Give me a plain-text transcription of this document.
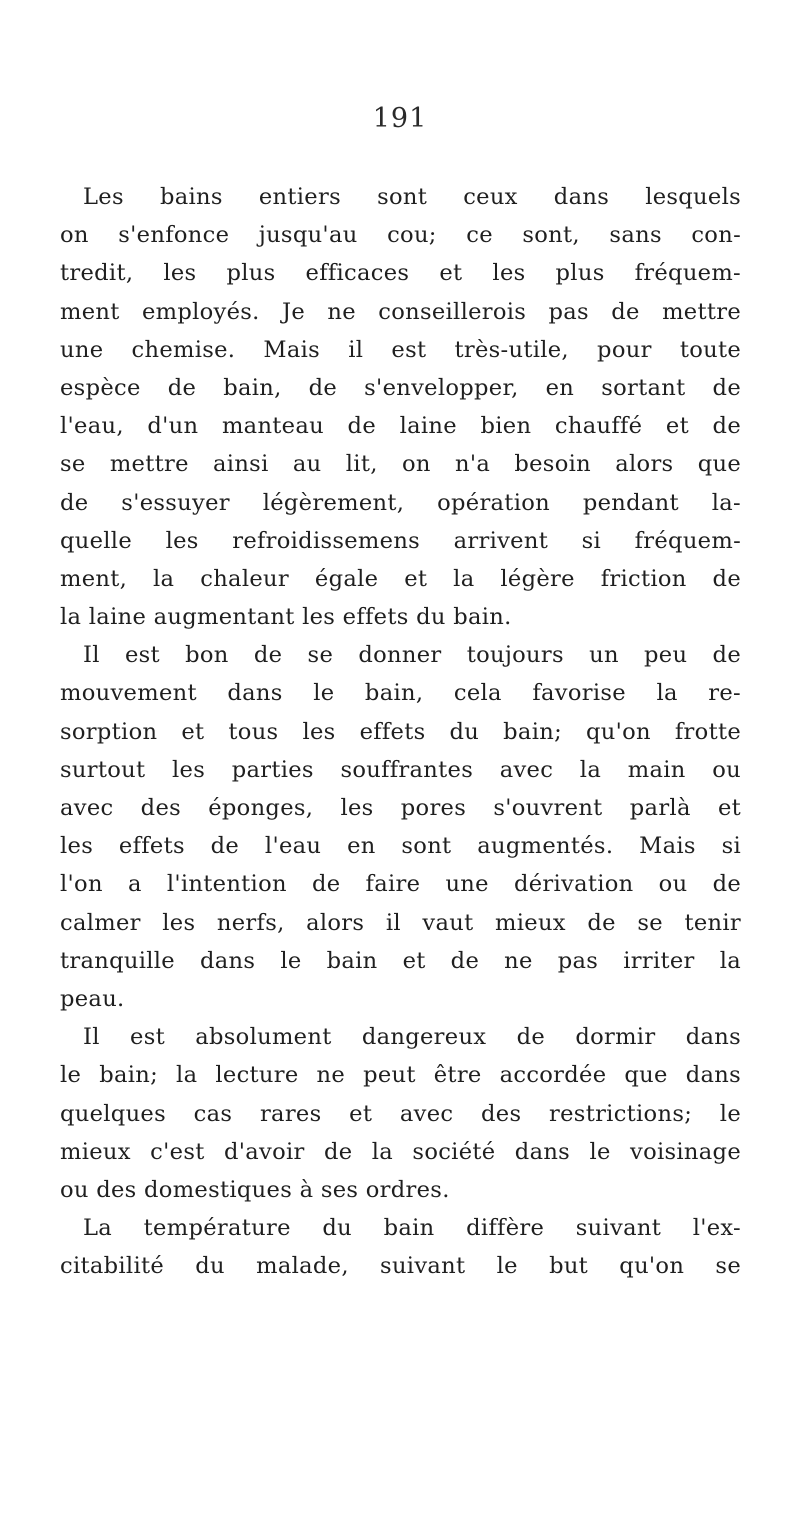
191
Les bains entiers sont ceux dans lesquels
on s'enfonce jusqu'au cou; ce sont, sans con-
tredit, les plus efficaces et les plus fréquem-
ment employés. Je ne conseillerois pas de mettre
une chemise. Mais il est très-utile, pour toute
espèce de bain, de s'envelopper, en sortant de
l'eau, d'un manteau de laine bien chauffé et de
se mettre ainsi au lit, on n'a besoin alors que
de s'essuyer légèrement, opération pendant la-
quelle les refroidissemens arrivent si fréquem-
ment, la chaleur égale et la légère friction de
la laine augmentant les effets du bain.
Il est bon de se donner toujours un peu de
mouvement dans le bain, cela favorise la re-
sorption et tous les effets du bain; qu'on frotte
surtout les parties souffrantes avec la main ou
avec des éponges, les pores s'ouvrent parlà et
les effets de l'eau en sont augmentés. Mais si
l'on a l'intention de faire une dérivation ou de
calmer les nerfs, alors il vaut mieux de se tenir
tranquille dans le bain et de ne pas irriter la
peau.
Il est absolument dangereux de dormir dans
le bain; la lecture ne peut être accordée que dans
quelques cas rares et avec des restrictions; le
mieux c'est d'avoir de la société dans le voisinage
ou des domestiques à ses ordres.
La température du bain diffère suivant l'ex-
citabilité du malade, suivant le but qu'on se
